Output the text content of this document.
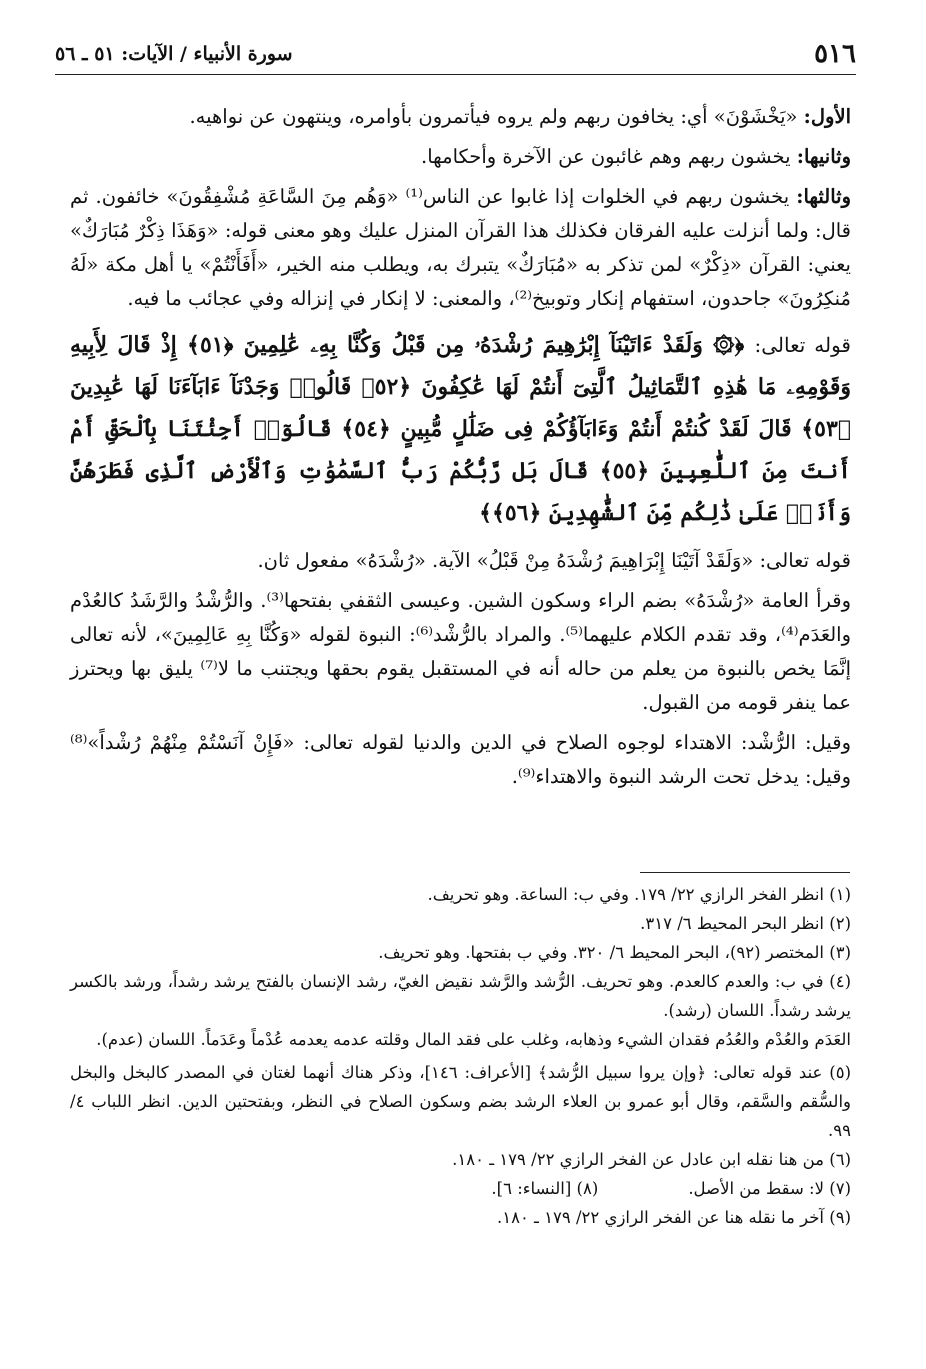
٥١٦
سورة الأنبياء / الآيات: ٥١ ـ ٥٦

الأول: «يَخْشَوْنَ» أي: يخافون ربهم ولم يروه فيأتمرون بأوامره، وينتهون عن نواهيه.

وثانيها: يخشون ربهم وهم غائبون عن الآخرة وأحكامها.

وثالثها: يخشون ربهم في الخلوات إذا غابوا عن الناس⁽¹⁾ «وَهُم مِنَ السَّاعَةِ مُشْفِقُونَ» خائفون. ثم قال: ولما أنزلت عليه الفرقان فكذلك هذا القرآن المنزل عليك وهو معنى قوله: «وَهَذَا ذِكْرٌ مُبَارَكٌ» يعني: القرآن «ذِكْرٌ» لمن تذكر به «مُبَارَكٌ» يتبرك به، ويطلب منه الخير، «أَفَأَنْتُمْ» يا أهل مكة «لَهُ مُنكِرُونَ» جاحدون، استفهام إنكار وتوبيخ⁽²⁾، والمعنى: لا إنكار في إنزاله وفي عجائب ما فيه.

قوله تعالى: ﴿۞ وَلَقَدْ ءَاتَيْنَآ إِبْرَٰهِيمَ رُشْدَهُۥ مِن قَبْلُ وَكُنَّا بِهِۦ عَٰلِمِينَ ﴿٥١﴾ إِذْ قَالَ لِأَبِيهِ وَقَوْمِهِۦ مَا هَٰذِهِ ٱلتَّمَاثِيلُ ٱلَّتِىٓ أَنتُمْ لَهَا عَٰكِفُونَ ﴿٥٢﴾ قَالُوا۟ وَجَدْنَآ ءَابَآءَنَا لَهَا عَٰبِدِينَ ﴿٥٣﴾ قَالَ لَقَدْ كُنتُمْ أَنتُمْ وَءَابَآؤُكُمْ فِى ضَلَٰلٍ مُّبِينٍ ﴿٥٤﴾ قَالُوٓا۟ أَجِئْتَنَا بِٱلْحَقِّ أَمْ أَنتَ مِنَ ٱللَّٰعِبِينَ ﴿٥٥﴾ قَالَ بَل رَّبُّكُمْ رَبُّ ٱلسَّمَٰوَٰتِ وَٱلْأَرْضِ ٱلَّذِى فَطَرَهُنَّ وَأَنَا۠ عَلَىٰ ذَٰلِكُم مِّنَ ٱلشَّٰهِدِينَ ﴿٥٦﴾﴾

قوله تعالى: «وَلَقَدْ آتَيْنَا إِبْرَاهِيمَ رُشْدَهُ مِنْ قَبْلُ» الآية. «رُشْدَهُ» مفعول ثان.

وقرأ العامة «رُشْدَهُ» بضم الراء وسكون الشين. وعيسى الثقفي بفتحها⁽³⁾. والرُّشْدُ والرَّشَدُ كالعُدْم والعَدَم⁽⁴⁾، وقد تقدم الكلام عليهما⁽⁵⁾. والمراد بالرُّشْد⁽⁶⁾: النبوة لقوله «وَكُنَّا بِهِ عَالِمِينَ»، لأنه تعالى إنَّمَا يخص بالنبوة من يعلم من حاله أنه في المستقبل يقوم بحقها ويجتنب ما لا⁽⁷⁾ يليق بها ويحترز عما ينفر قومه من القبول.

وقيل: الرُّشْد: الاهتداء لوجوه الصلاح في الدين والدنيا لقوله تعالى: «فَإِنْ آنَسْتُمْ مِنْهُمْ رُشْداً»⁽⁸⁾ وقيل: يدخل تحت الرشد النبوة والاهتداء⁽⁹⁾.

(١) انظر الفخر الرازي ٢٢/ ١٧٩. وفي ب: الساعة. وهو تحريف.

(٢) انظر البحر المحيط ٦/ ٣١٧.

(٣) المختصر (٩٢)، البحر المحيط ٦/ ٣٢٠. وفي ب بفتحها. وهو تحريف.

(٤) في ب: والعدم كالعدم. وهو تحريف. الرُّشد والرَّشد نقيض الغيّ، رشد الإنسان بالفتح يرشد رشداً، ورشد بالكسر يرشد رشداً. اللسان (رشد).

العَدَم والعُدْم والعُدُم فقدان الشيء وذهابه، وغلب على فقد المال وقلته عدمه يعدمه عُدْماً وعَدَماً. اللسان (عدم).

(٥) عند قوله تعالى: ﴿وإن يروا سبيل الرُّشد﴾ [الأعراف: ١٤٦]، وذكر هناك أنهما لغتان في المصدر كالبخل والبخل والسُّقم والسَّقم، وقال أبو عمرو بن العلاء الرشد بضم وسكون الصلاح في النظر، وبفتحتين الدين. انظر اللباب ٤/ ٩٩.

(٦) من هنا نقله ابن عادل عن الفخر الرازي ٢٢/ ١٧٩ ـ ١٨٠.

(٧) لا: سقط من الأصل.

(٨) [النساء: ٦].

(٩) آخر ما نقله هنا عن الفخر الرازي ٢٢/ ١٧٩ ـ ١٨٠.
